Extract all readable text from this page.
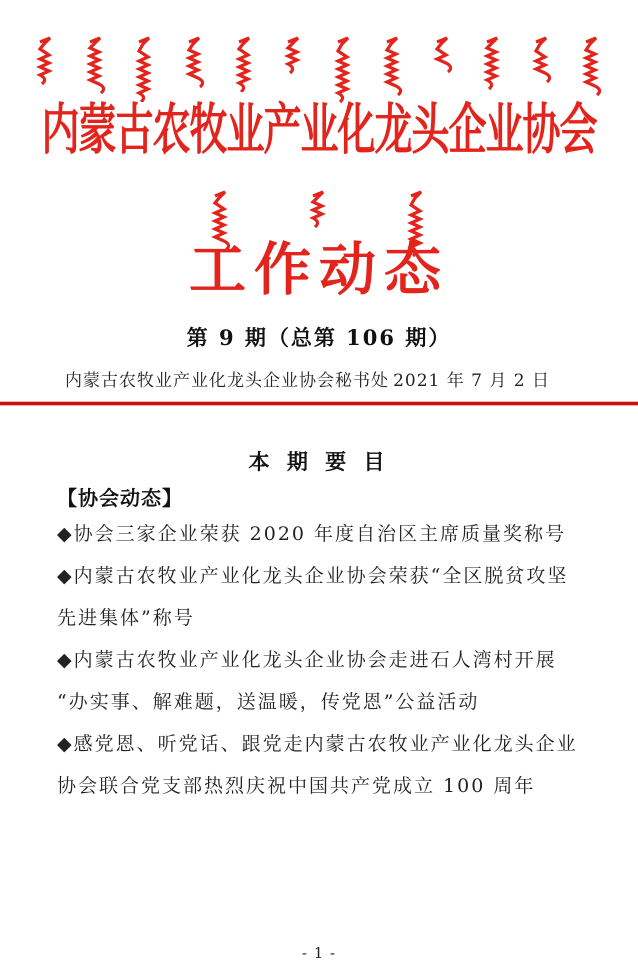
内蒙古农牧业产业化龙头企业协会
工作动态
第 9 期（总第 106 期）
内蒙古农牧业产业化龙头企业协会秘书处 2021 年 7 月 2 日
本 期 要 目
【协会动态】
◆协会三家企业荣获 2020 年度自治区主席质量奖称号
◆内蒙古农牧业产业化龙头企业协会荣获“全区脱贫攻坚
先进集体”称号
◆内蒙古农牧业产业化龙头企业协会走进石人湾村开展
“办实事、解难题，送温暖，传党恩”公益活动
◆感党恩、听党话、跟党走内蒙古农牧业产业化龙头企业
协会联合党支部热烈庆祝中国共产党成立 100 周年
- 1 -
